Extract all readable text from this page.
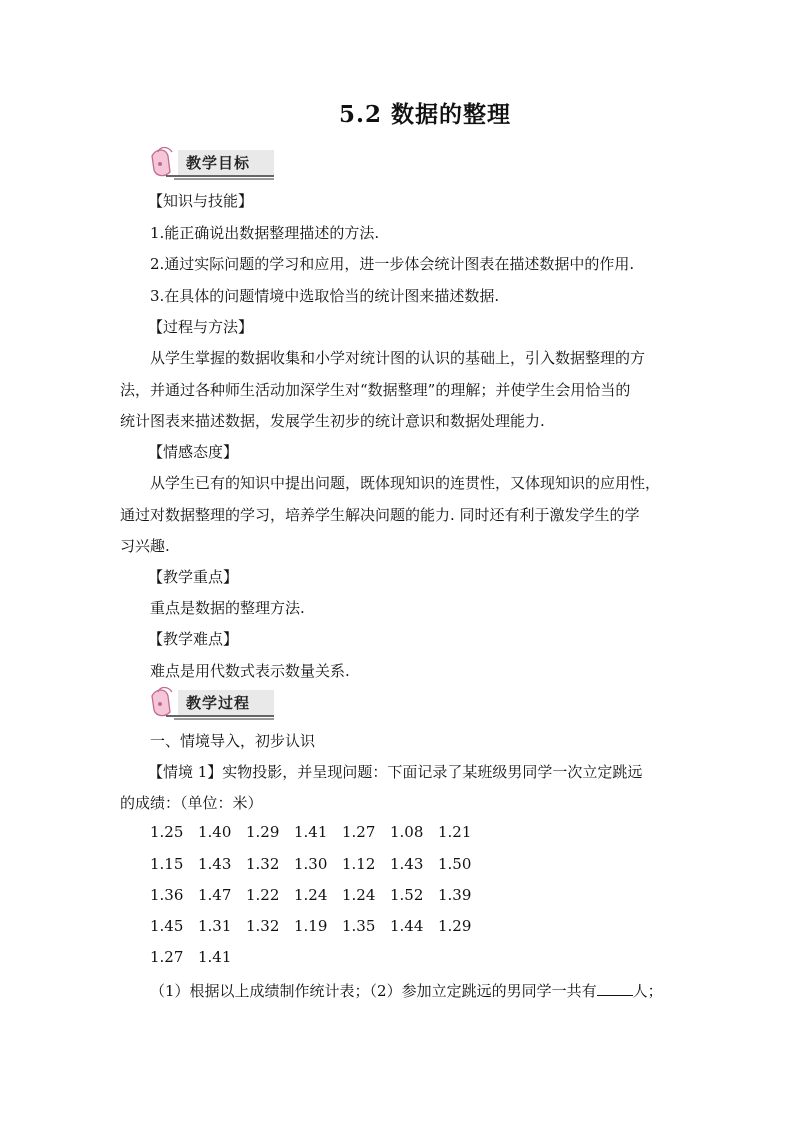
5.2 数据的整理
教学目标
【知识与技能】
1.能正确说出数据整理描述的方法.
2.通过实际问题的学习和应用，进一步体会统计图表在描述数据中的作用.
3.在具体的问题情境中选取恰当的统计图来描述数据.
【过程与方法】
从学生掌握的数据收集和小学对统计图的认识的基础上，引入数据整理的方
法，并通过各种师生活动加深学生对“数据整理”的理解；并使学生会用恰当的
统计图表来描述数据，发展学生初步的统计意识和数据处理能力.
【情感态度】
从学生已有的知识中提出问题，既体现知识的连贯性，又体现知识的应用性，
通过对数据整理的学习，培养学生解决问题的能力. 同时还有利于激发学生的学
习兴趣.
【教学重点】
重点是数据的整理方法.
【教学难点】
难点是用代数式表示数量关系.
教学过程
一、情境导入，初步认识
【情境 1】实物投影，并呈现问题：下面记录了某班级男同学一次立定跳远
的成绩：（单位：米）
1.25 1.40 1.29 1.41 1.27 1.08 1.21
1.15 1.43 1.32 1.30 1.12 1.43 1.50
1.36 1.47 1.22 1.24 1.24 1.52 1.39
1.45 1.31 1.32 1.19 1.35 1.44 1.29
1.27 1.41
（1）根据以上成绩制作统计表；（2）参加立定跳远的男同学一共有 人；
